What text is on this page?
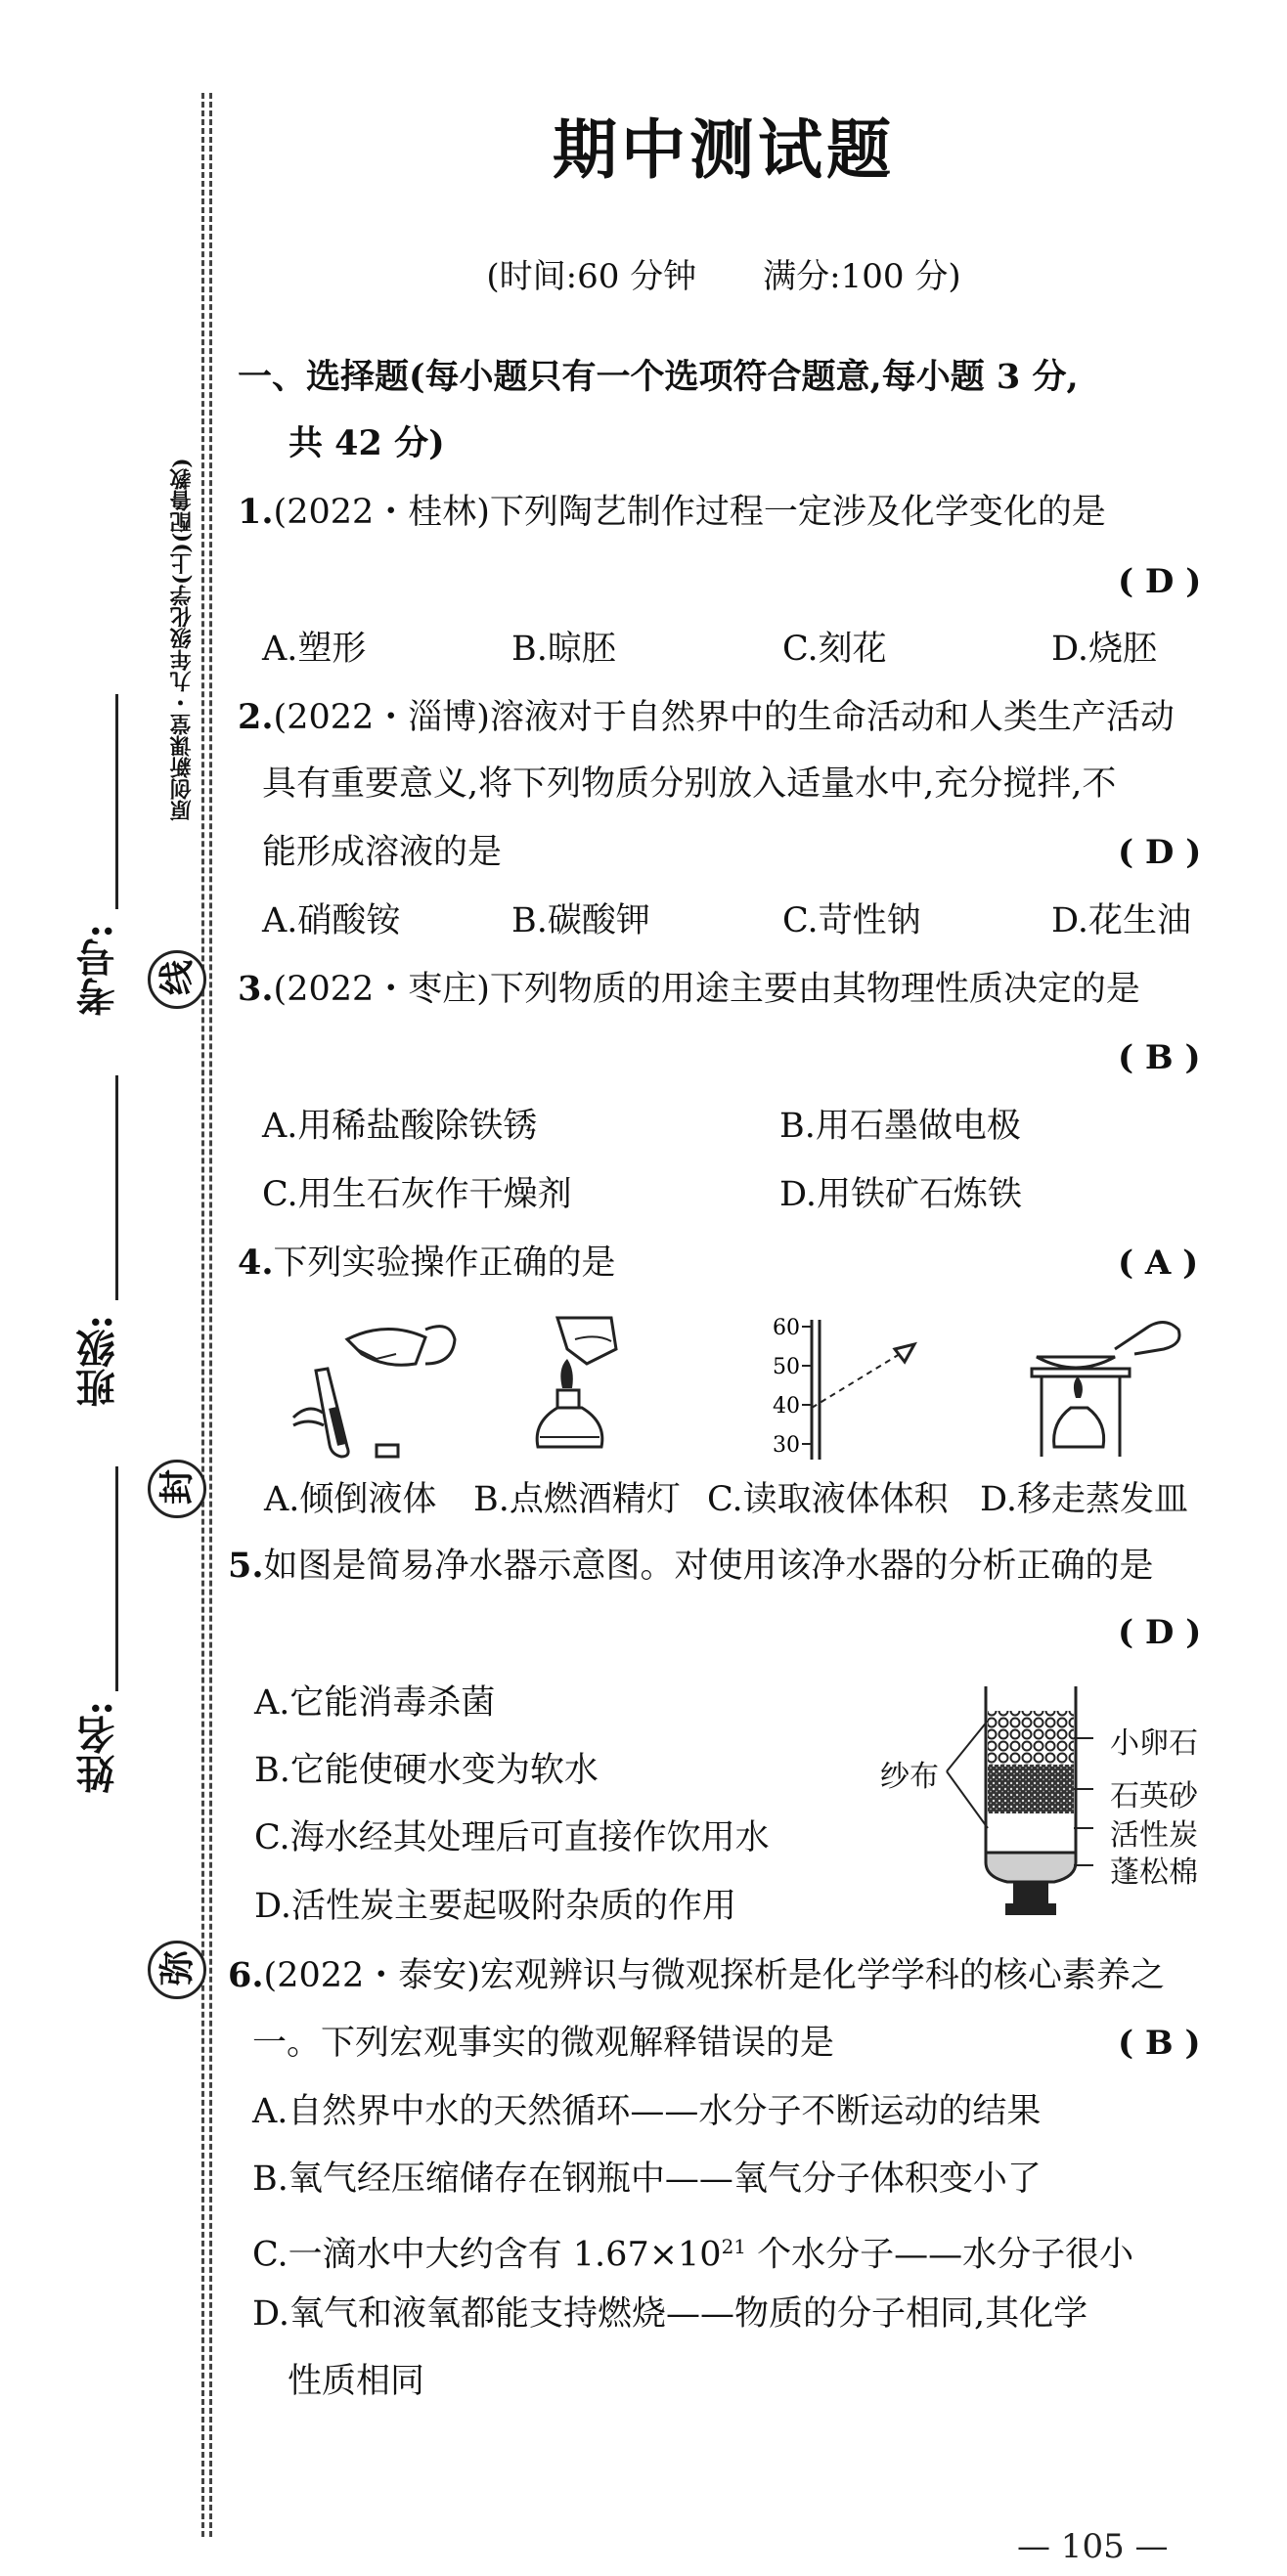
原创新课堂・九年级化学(上)(配鲁教)
考号:
班级:
姓名:
线
封
弥
期中测试题
(时间:60 分钟　　满分:100 分)
一、选择题(每小题只有一个选项符合题意,每小题 3 分,
共 42 分)
1.(2022・桂林)下列陶艺制作过程一定涉及化学变化的是
( D )
A.塑形	B.晾胚	C.刻花	D.烧胚
2.(2022・淄博)溶液对于自然界中的生命活动和人类生产活动
具有重要意义,将下列物质分别放入适量水中,充分搅拌,不
能形成溶液的是	( D )
A.硝酸铵	B.碳酸钾	C.苛性钠	D.花生油
3.(2022・枣庄)下列物质的用途主要由其物理性质决定的是
( B )
A.用稀盐酸除铁锈	B.用石墨做电极
C.用生石灰作干燥剂	D.用铁矿石炼铁
4.下列实验操作正确的是	( A )
60
50
40
30
A.倾倒液体 B.点燃酒精灯 C.读取液体体积 D.移走蒸发皿
5.如图是简易净水器示意图。对使用该净水器的分析正确的是
( D )
A.它能消毒杀菌
B.它能使硬水变为软水
C.海水经其处理后可直接作饮用水
D.活性炭主要起吸附杂质的作用
纱布
小卵石
石英砂
活性炭
蓬松棉
6.(2022・泰安)宏观辨识与微观探析是化学学科的核心素养之
一。下列宏观事实的微观解释错误的是	( B )
A.自然界中水的天然循环——水分子不断运动的结果
B.氧气经压缩储存在钢瓶中——氧气分子体积变小了
C.一滴水中大约含有 $1.67\times 10^{21}$ 个水分子——水分子很小
D.氧气和液氧都能支持燃烧——物质的分子相同,其化学
性质相同
— 105 —
